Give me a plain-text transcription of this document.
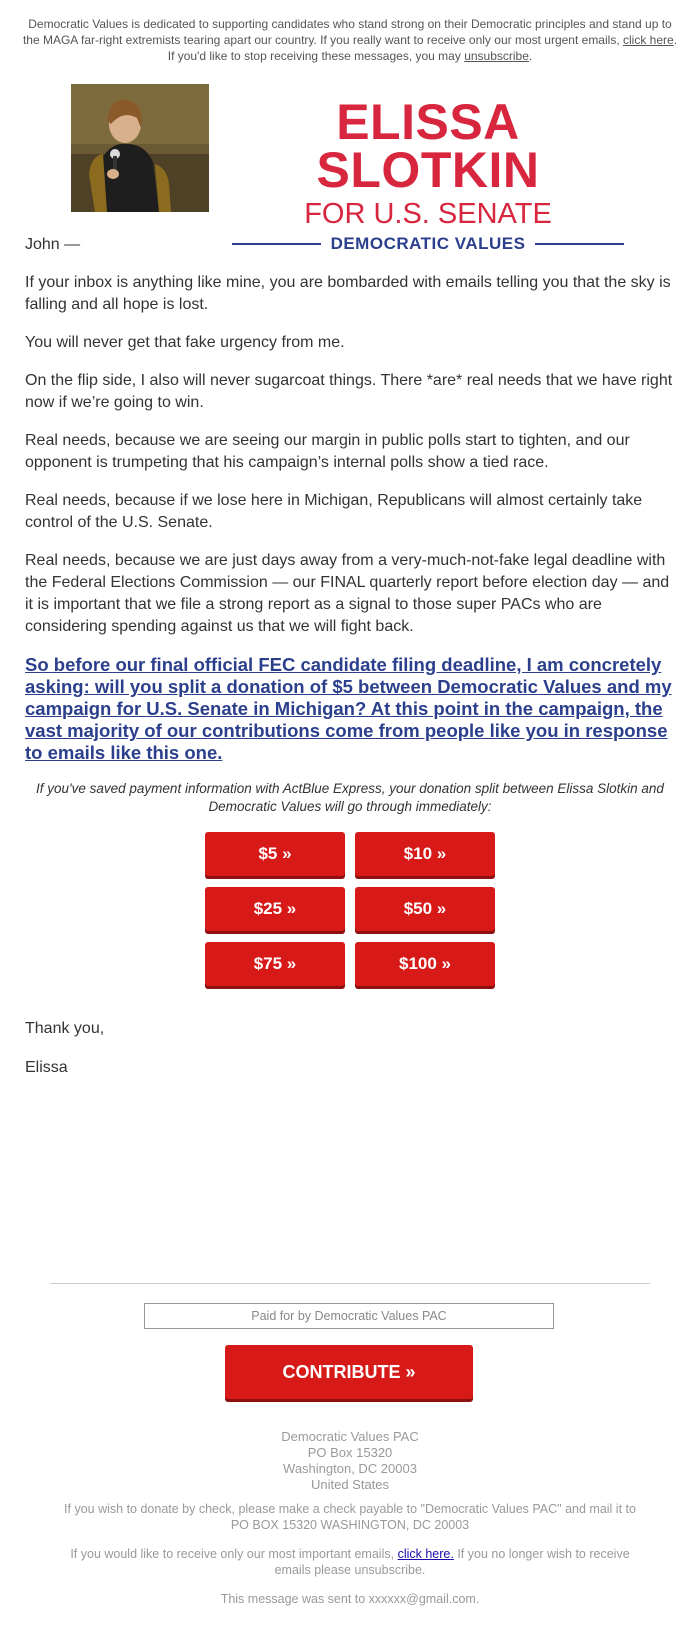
Democratic Values is dedicated to supporting candidates who stand strong on their Democratic principles and stand up to the MAGA far-right extremists tearing apart our country. If you really want to receive only our most urgent emails, click here. If you'd like to stop receiving these messages, you may unsubscribe.
ELISSA SLOTKIN
FOR U.S. SENATE
DEMOCRATIC VALUES

John —

If your inbox is anything like mine, you are bombarded with emails telling you that the sky is falling and all hope is lost.

You will never get that fake urgency from me.

On the flip side, I also will never sugarcoat things. There *are* real needs that we have right now if we’re going to win.

Real needs, because we are seeing our margin in public polls start to tighten, and our opponent is trumpeting that his campaign’s internal polls show a tied race.

Real needs, because if we lose here in Michigan, Republicans will almost certainly take control of the U.S. Senate.

Real needs, because we are just days away from a very-much-not-fake legal deadline with the Federal Elections Commission — our FINAL quarterly report before election day — and it is important that we file a strong report as a signal to those super PACs who are considering spending against us that we will fight back.

So before our final official FEC candidate filing deadline, I am concretely asking: will you split a donation of $5 between Democratic Values and my campaign for U.S. Senate in Michigan? At this point in the campaign, the vast majority of our contributions come from people like you in response to emails like this one.

If you've saved payment information with ActBlue Express, your donation split between Elissa Slotkin and Democratic Values will go through immediately:

$5 »	$10 »
$25 »	$50 »
$75 »	$100 »

Thank you,

Elissa

Paid for by Democratic Values PAC
CONTRIBUTE »
Democratic Values PAC
PO Box 15320
Washington, DC 20003
United States
If you wish to donate by check, please make a check payable to "Democratic Values PAC" and mail it to PO BOX 15320 WASHINGTON, DC 20003
If you would like to receive only our most important emails, click here. If you no longer wish to receive emails please unsubscribe.
This message was sent to xxxxxx@gmail.com.
